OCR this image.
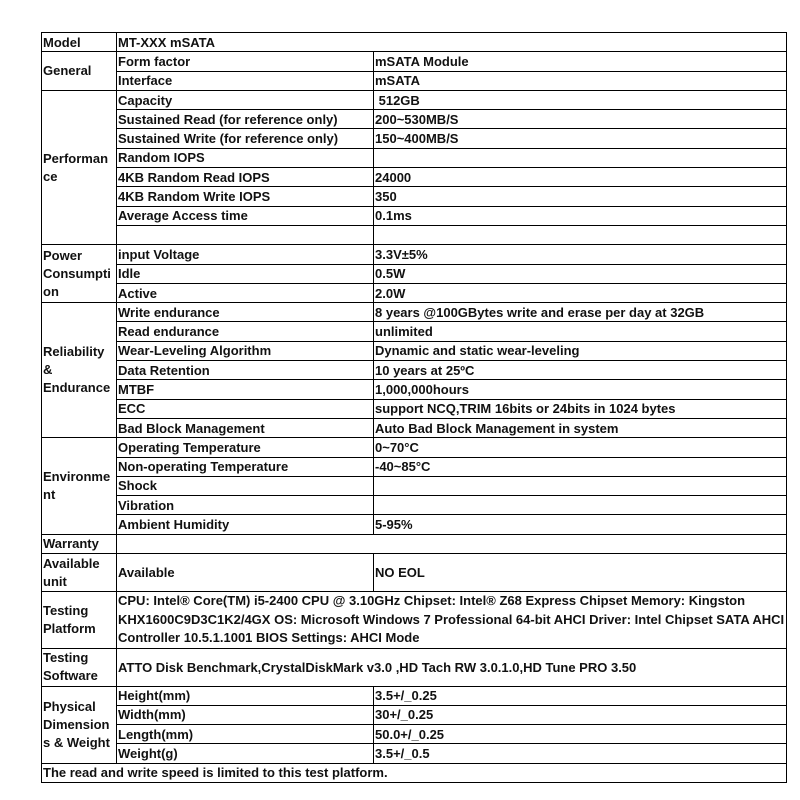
Model	MT-XXX mSATA	
General	Form factor	mSATA Module
	Interface	mSATA
Performan ce	Capacity	512GB
	Sustained Read (for reference only)	200~530MB/S
	Sustained Write (for reference only)	150~400MB/S
	Random IOPS	
	4KB Random Read IOPS	24000
	4KB Random Write IOPS	350
	Average Access time	0.1ms

Power Consumpti on	input Voltage	3.3V±5%
	Idle	0.5W
	Active	2.0W
Reliability & Endurance	Write endurance	8 years @100GBytes write and erase per day at 32GB
	Read endurance	unlimited
	Wear-Leveling Algorithm	Dynamic and static wear-leveling
	Data Retention	10 years at 25ºC
	MTBF	1,000,000hours
	ECC	support NCQ,TRIM 16bits or 24bits in 1024 bytes
	Bad Block Management	Auto Bad Block Management in system
Environme nt	Operating Temperature	0~70°C
	Non-operating Temperature	-40~85°C
	Shock	
	Vibration	
	Ambient Humidity	5-95%
Warranty		
Available unit	Available	NO EOL
Testing Platform	CPU: Intel® Core(TM) i5-2400 CPU @ 3.10GHz Chipset: Intel® Z68 Express Chipset Memory: Kingston KHX1600C9D3C1K2/4GX OS: Microsoft Windows 7 Professional 64-bit AHCI Driver: Intel Chipset SATA AHCI Controller 10.5.1.1001 BIOS Settings: AHCI Mode	
Testing Software	ATTO Disk Benchmark,CrystalDiskMark v3.0 ,HD Tach RW 3.0.1.0,HD Tune PRO 3.50	
Physical Dimension s & Weight	Height(mm)	3.5+/_0.25
	Width(mm)	30+/_0.25
	Length(mm)	50.0+/_0.25
	Weight(g)	3.5+/_0.5
The read and write speed is limited to this test platform.		
